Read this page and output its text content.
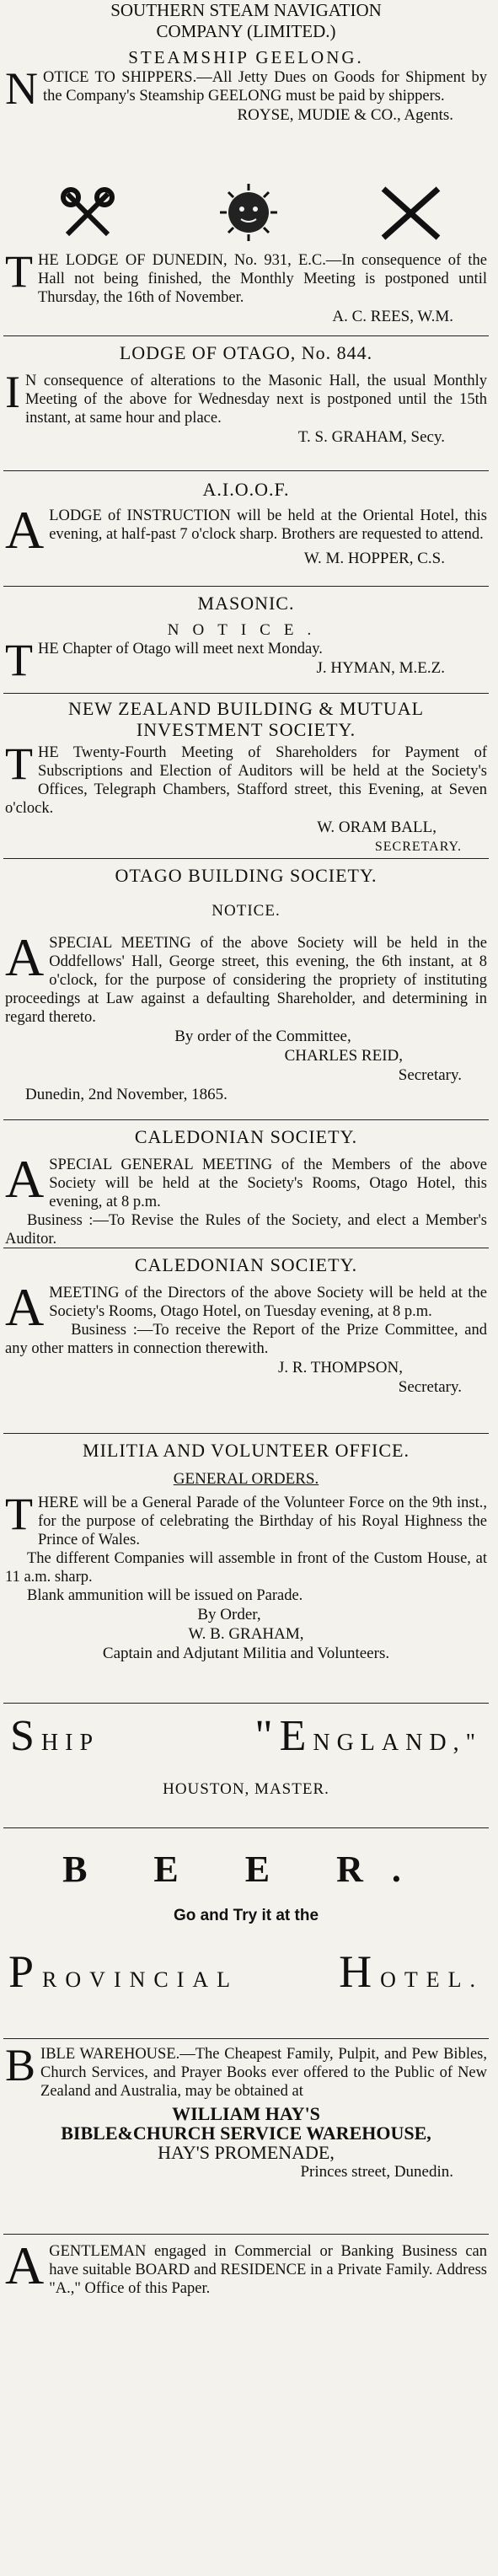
SOUTHERN STEAM NAVIGATION
COMPANY (LIMITED.)
STEAMSHIP GEELONG.

NOTICE TO SHIPPERS.—All Jetty Dues on Goods for Shipment by the Company's Steamship GEELONG must be paid by shippers.

ROYSE, MUDIE & CO., Agents.

THE LODGE OF DUNEDIN, No. 931, E.C.—In consequence of the Hall not being finished, the Monthly Meeting is postponed until Thursday, the 16th of November.

A. C. REES, W.M.
LODGE OF OTAGO, No. 844.

I N consequence of alterations to the Masonic Hall, the usual Monthly Meeting of the above for Wednesday next is postponed until the 15th instant, at same hour and place.

T. S. GRAHAM, Secy.
A.I.O.O.F.

ALODGE of INSTRUCTION will be held at the Oriental Hotel, this evening, at half-past 7 o'clock sharp. Brothers are requested to attend.

W. M. HOPPER, C.S.
MASONIC.
NOTICE.

THE Chapter of Otago will meet next Monday.

J. HYMAN, M.E.Z.
NEW ZEALAND BUILDING & MUTUAL
INVESTMENT SOCIETY.

THE Twenty-Fourth Meeting of Shareholders for Payment of Subscriptions and Election of Auditors will be held at the Society's Offices, Telegraph Chambers, Stafford street, this Evening, at Seven o'clock.

W. ORAM BALL,
SECRETARY.
OTAGO BUILDING SOCIETY.
NOTICE.

ASPECIAL MEETING of the above Society will be held in the Oddfellows' Hall, George street, this evening, the 6th instant, at 8 o'clock, for the purpose of considering the propriety of instituting proceedings at Law against a defaulting Shareholder, and determining in regard thereto.

By order of the Committee,
CHARLES REID,
Secretary.
Dunedin, 2nd November, 1865.
CALEDONIAN SOCIETY.

ASPECIAL GENERAL MEETING of the Members of the above Society will be held at the Society's Rooms, Otago Hotel, this evening, at 8 p.m.

Business :—To Revise the Rules of the Society, and elect a Member's Auditor.

CALEDONIAN SOCIETY.

AMEETING of the Directors of the above Society will be held at the Society's Rooms, Otago Hotel, on Tuesday evening, at 8 p.m.

Business :—To receive the Report of the Prize Committee, and any other matters in connection therewith.

J. R. THOMPSON,
Secretary.
MILITIA AND VOLUNTEER OFFICE.
GENERAL ORDERS.

THERE will be a General Parade of the Volunteer Force on the 9th inst., for the purpose of celebrating the Birthday of his Royal Highness the Prince of Wales.

The different Companies will assemble in front of the Custom House, at 11 a.m. sharp.

Blank ammunition will be issued on Parade.

By Order,
W. B. GRAHAM,
Captain and Adjutant Militia and Volunteers.
SHIP	"ENGLAND,"
HOUSTON, MASTER.
B E E R.
Go and Try it at the
PROVINCIAL HOTEL.

BIBLE WAREHOUSE.—The Cheapest Family, Pulpit, and Pew Bibles, Church Services, and Prayer Books ever offered to the Public of New Zealand and Australia, may be obtained at

WILLIAM HAY'S
BIBLE&CHURCH SERVICE WAREHOUSE,
HAY'S PROMENADE,
Princes street, Dunedin.

AGENTLEMAN engaged in Commercial or Banking Business can have suitable BOARD and RESIDENCE in a Private Family. Address "A.," Office of this Paper.
